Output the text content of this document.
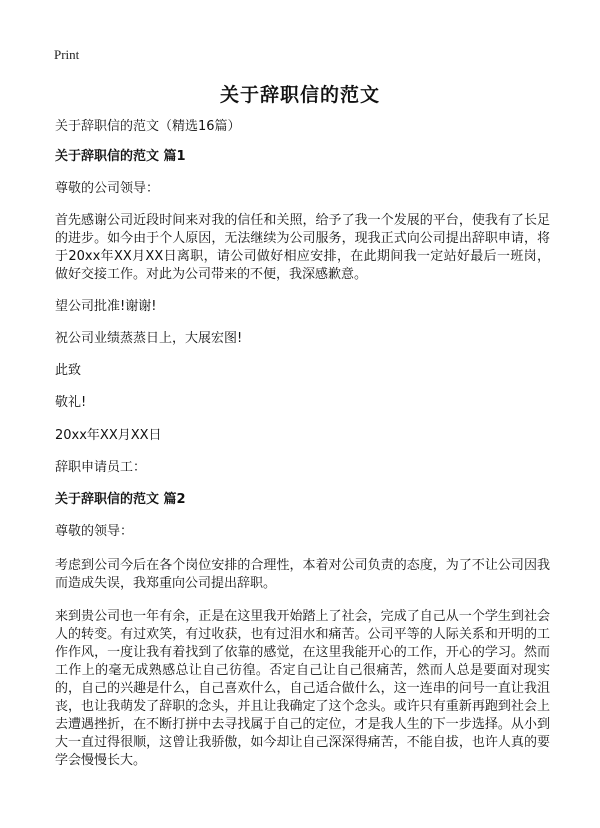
Print
关于辞职信的范文

关于辞职信的范文（精选16篇）

关于辞职信的范文 篇1

尊敬的公司领导：

首先感谢公司近段时间来对我的信任和关照，给予了我一个发展的平台，使我有了长足的进步。如今由于个人原因，无法继续为公司服务，现我正式向公司提出辞职申请，将于20xx年XX月XX日离职，请公司做好相应安排，在此期间我一定站好最后一班岗，做好交接工作。对此为公司带来的不便，我深感歉意。

望公司批准!谢谢!

祝公司业绩蒸蒸日上，大展宏图!

此致

敬礼!

20xx年XX月XX日

辞职申请员工：

关于辞职信的范文 篇2

尊敬的领导：

考虑到公司今后在各个岗位安排的合理性，本着对公司负责的态度，为了不让公司因我而造成失误，我郑重向公司提出辞职。

来到贵公司也一年有余，正是在这里我开始踏上了社会，完成了自己从一个学生到社会人的转变。有过欢笑，有过收获，也有过泪水和痛苦。公司平等的人际关系和开明的工作作风，一度让我有着找到了依靠的感觉，在这里我能开心的工作，开心的学习。然而工作上的毫无成熟感总让自己彷徨。否定自己让自己很痛苦，然而人总是要面对现实的，自己的兴趣是什么，自己喜欢什么，自己适合做什么，这一连串的问号一直让我沮丧，也让我萌发了辞职的念头，并且让我确定了这个念头。或许只有重新再跑到社会上去遭遇挫折，在不断打拼中去寻找属于自己的定位，才是我人生的下一步选择。从小到大一直过得很顺，这曾让我骄傲，如今却让自己深深得痛苦，不能自拔，也许人真的要学会慢慢长大。
